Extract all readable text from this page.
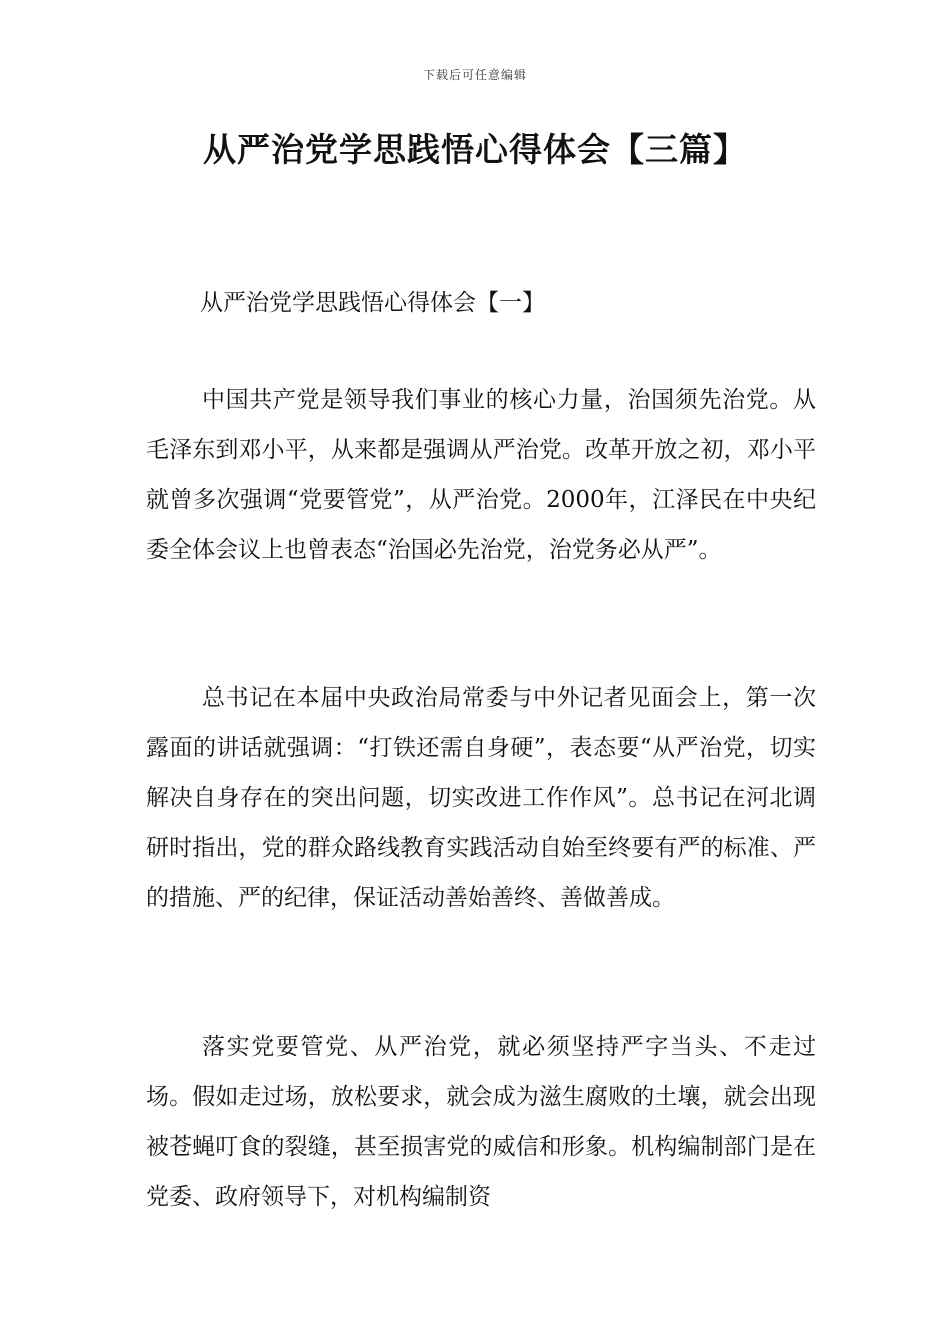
下载后可任意编辑
从严治党学思践悟心得体会【三篇】
从严治党学思践悟心得体会【一】

中国共产党是领导我们事业的核心力量，治国须先治党。从毛泽东到邓小平，从来都是强调从严治党。改革开放之初，邓小平就曾多次强调“党要管党”，从严治党。2000年，江泽民在中央纪委全体会议上也曾表态“治国必先治党，治党务必从严”。

总书记在本届中央政治局常委与中外记者见面会上，第一次露面的讲话就强调：“打铁还需自身硬”，表态要“从严治党，切实解决自身存在的突出问题，切实改进工作作风”。总书记在河北调研时指出，党的群众路线教育实践活动自始至终要有严的标准、严的措施、严的纪律，保证活动善始善终、善做善成。

落实党要管党、从严治党，就必须坚持严字当头、不走过场。假如走过场，放松要求，就会成为滋生腐败的土壤，就会出现被苍蝇叮食的裂缝，甚至损害党的威信和形象。机构编制部门是在党委、政府领导下，对机构编制资
